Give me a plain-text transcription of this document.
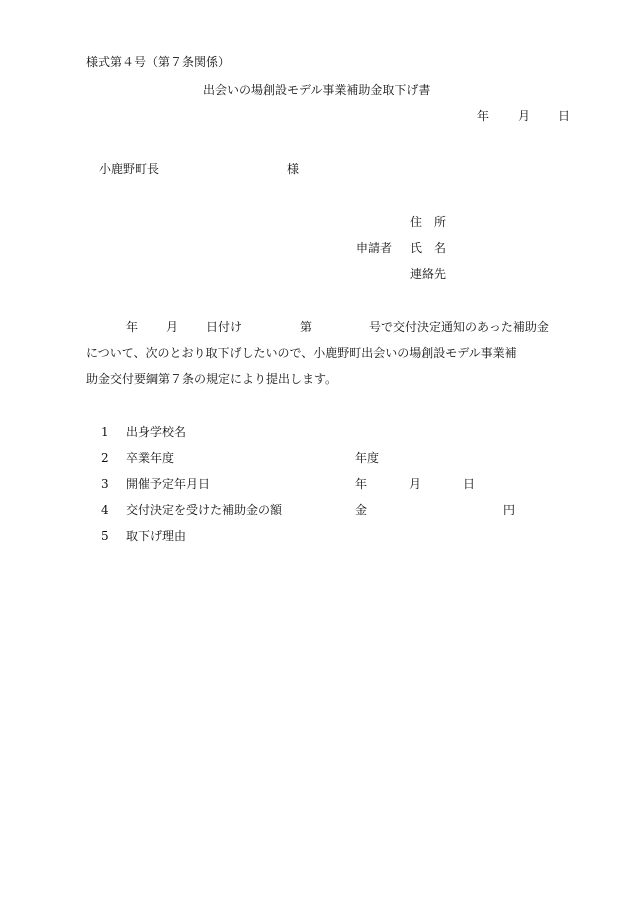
様式第４号（第７条関係）
出会いの場創設モデル事業補助金取下げ書
年 月 日
小鹿野町長	様
住　所
申請者 氏　名
連絡先
年 月 日付け	第	号で交付決定通知のあった補助金
について、次のとおり取下げしたいので、小鹿野町出会いの場創設モデル事業補
助金交付要綱第７条の規定により提出します。
1 出身学校名
2 卒業年度	年度
3 開催予定年月日	年	月	日
4 交付決定を受けた補助金の額	金	円
5 取下げ理由
